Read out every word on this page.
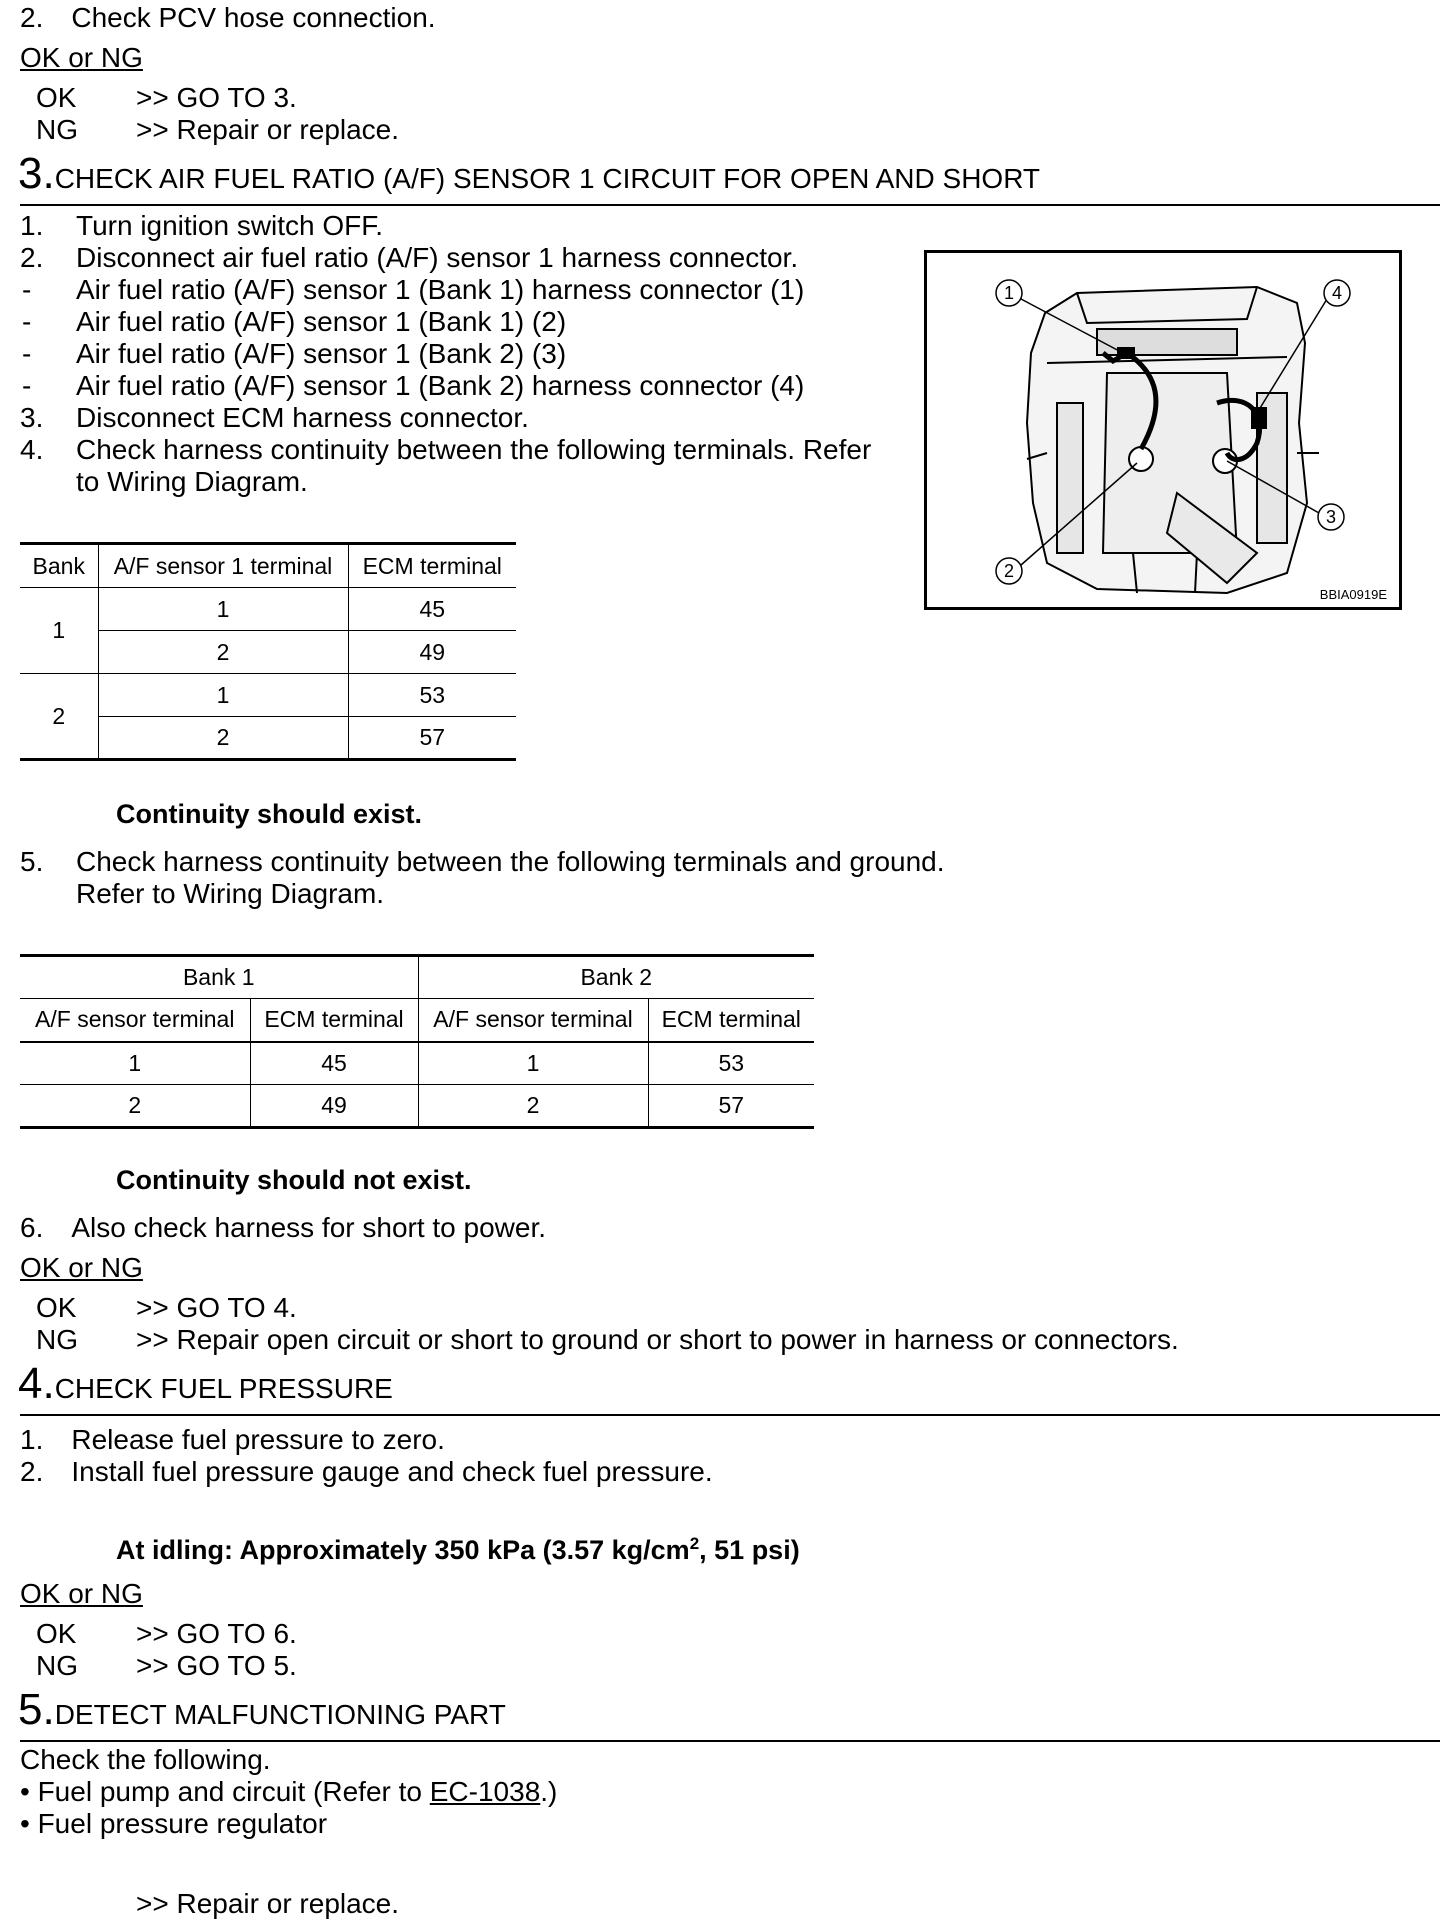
2. Check PCV hose connection.
OK or NG
OK >> GO TO 3.
NG >> Repair or replace.
3.CHECK AIR FUEL RATIO (A/F) SENSOR 1 CIRCUIT FOR OPEN AND SHORT
1. Turn ignition switch OFF.
2. Disconnect air fuel ratio (A/F) sensor 1 harness connector.
- Air fuel ratio (A/F) sensor 1 (Bank 1) harness connector (1)
- Air fuel ratio (A/F) sensor 1 (Bank 1) (2)
- Air fuel ratio (A/F) sensor 1 (Bank 2) (3)
- Air fuel ratio (A/F) sensor 1 (Bank 2) harness connector (4)
3. Disconnect ECM harness connector.
4. Check harness continuity between the following terminals. Refer
to Wiring Diagram.
1
2
3
4
BBIA0919E
Bank	A/F sensor 1 terminal	ECM terminal
1	1	45
	2	49
2	1	53
	2	57
Continuity should exist.
5. Check harness continuity between the following terminals and ground.
Refer to Wiring Diagram.
Bank 1		Bank 2	
A/F sensor terminal	ECM terminal	A/F sensor terminal	ECM terminal
1	45	1	53
2	49	2	57
Continuity should not exist.
6. Also check harness for short to power.
OK or NG
OK >> GO TO 4.
NG >> Repair open circuit or short to ground or short to power in harness or connectors.
4.CHECK FUEL PRESSURE
1. Release fuel pressure to zero.
2. Install fuel pressure gauge and check fuel pressure.
At idling: Approximately 350 kPa (3.57 $kg/cm^2$, 51 psi)
OK or NG
OK >> GO TO 6.
NG >> GO TO 5.
5.DETECT MALFUNCTIONING PART
Check the following.
• Fuel pump and circuit (Refer to EC-1038.)
• Fuel pressure regulator
>> Repair or replace.
